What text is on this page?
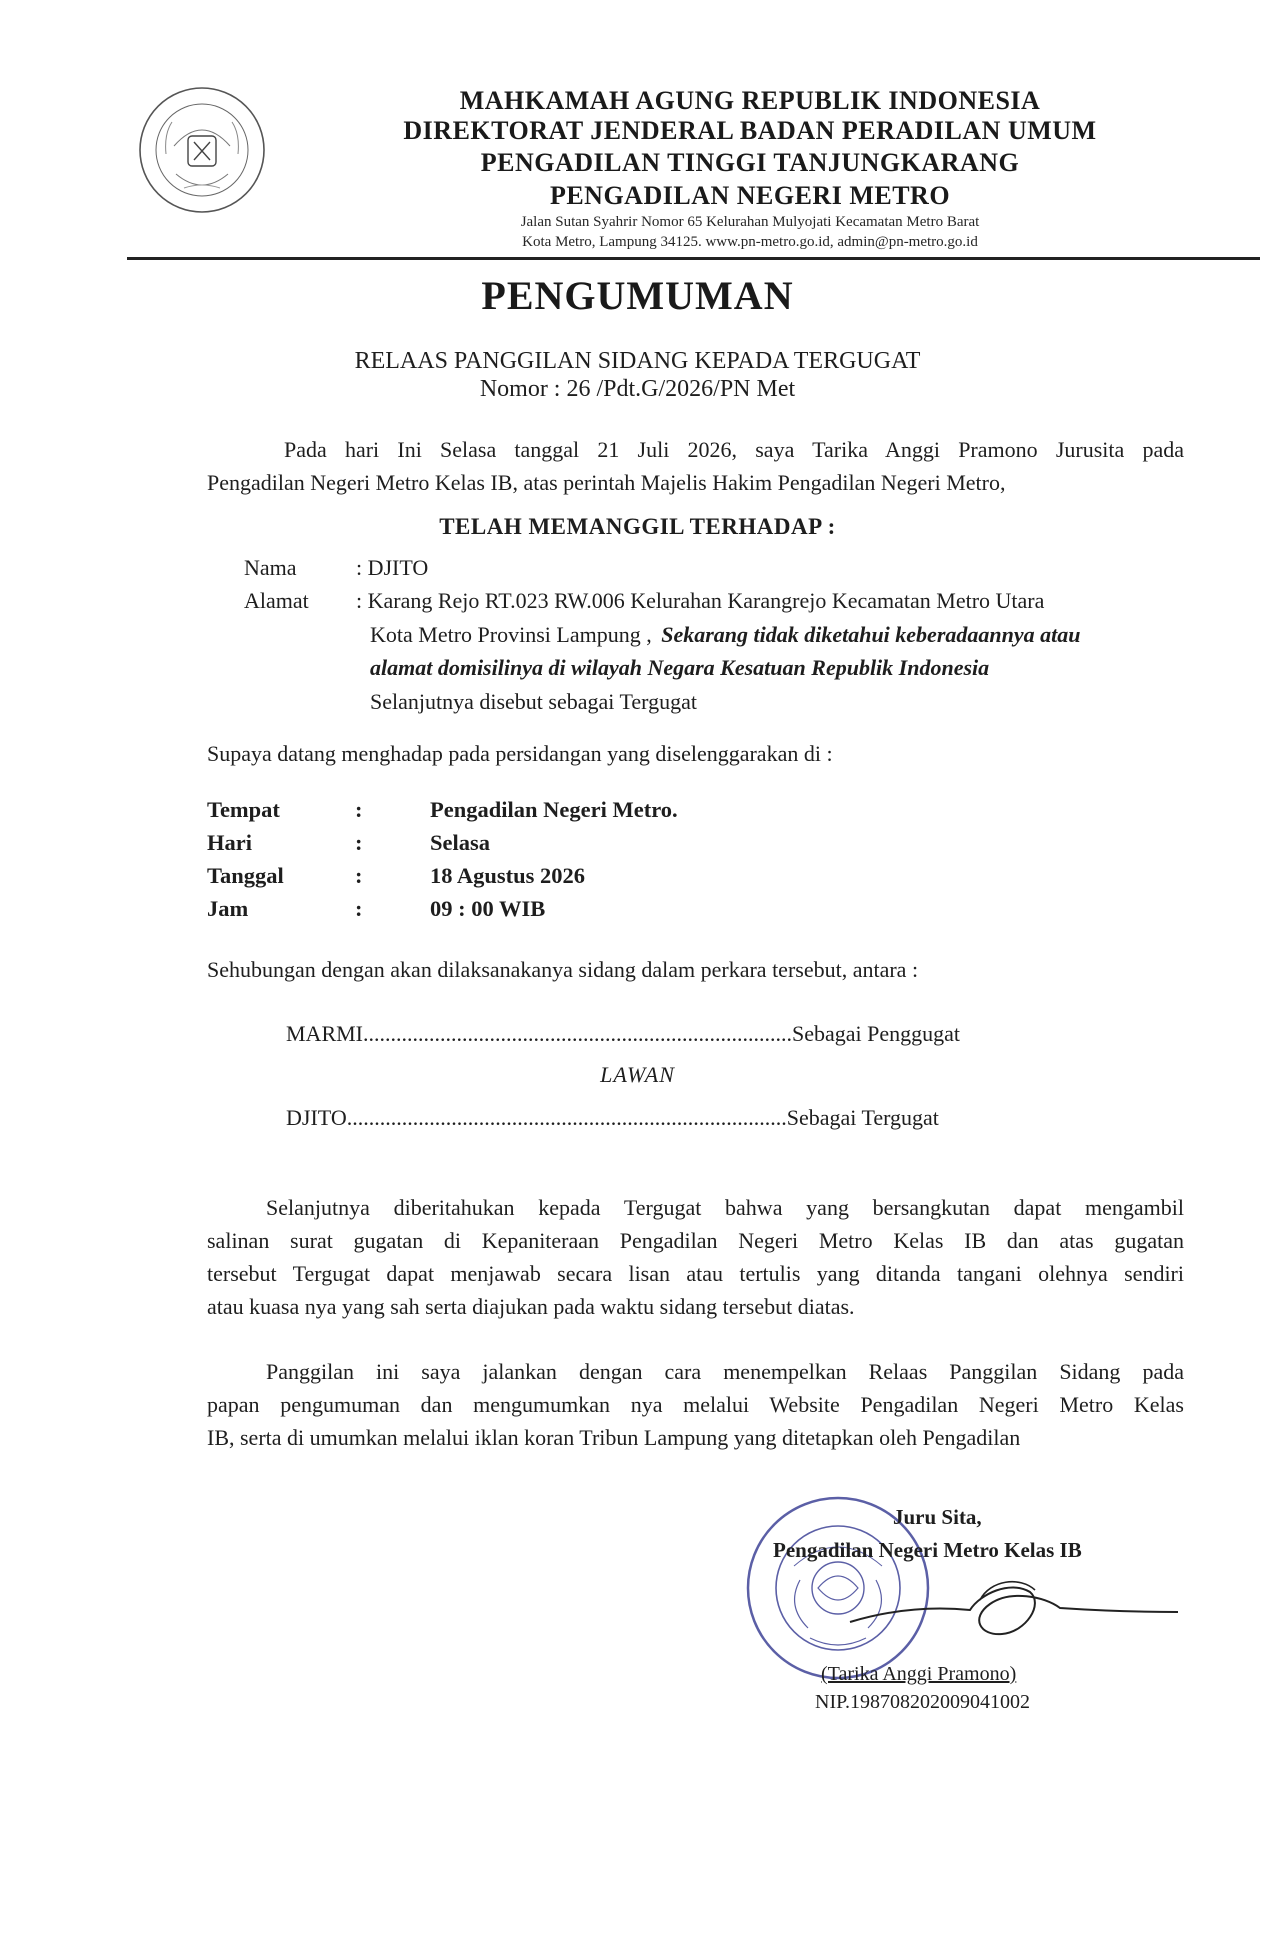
MAHKAMAH AGUNG REPUBLIK INDONESIA
DIREKTORAT JENDERAL BADAN PERADILAN UMUM
PENGADILAN TINGGI TANJUNGKARANG
PENGADILAN NEGERI METRO
Jalan Sutan Syahrir Nomor 65 Kelurahan Mulyojati Kecamatan Metro Barat
Kota Metro, Lampung 34125. www.pn-metro.go.id, admin@pn-metro.go.id
PENGUMUMAN
RELAAS PANGGILAN SIDANG KEPADA TERGUGAT
Nomor : 26 /Pdt.G/2026/PN Met
Pada hari Ini Selasa tanggal 21 Juli 2026, saya Tarika Anggi Pramono Jurusita pada
Pengadilan Negeri Metro Kelas IB, atas perintah Majelis Hakim Pengadilan Negeri Metro,
TELAH MEMANGGIL TERHADAP :
Nama	: DJITO
Alamat : Karang Rejo RT.023 RW.006 Kelurahan Karangrejo Kecamatan Metro Utara
Kota Metro Provinsi Lampung , Sekarang tidak diketahui keberadaannya atau
alamat domisilinya di wilayah Negara Kesatuan Republik Indonesia
Selanjutnya disebut sebagai Tergugat
Supaya datang menghadap pada persidangan yang diselenggarakan di :
Tempat	:	Pengadilan Negeri Metro.
Hari	:	Selasa
Tanggal	:	18 Agustus 2026
Jam	:	09 : 00 WIB
Sehubungan dengan akan dilaksanakanya sidang dalam perkara tersebut, antara :
MARMI..............................................................................Sebagai Penggugat
LAWAN
DJITO................................................................................Sebagai Tergugat
Selanjutnya diberitahukan kepada Tergugat bahwa yang bersangkutan dapat mengambil
salinan surat gugatan di Kepaniteraan Pengadilan Negeri Metro Kelas IB dan atas gugatan
tersebut Tergugat dapat menjawab secara lisan atau tertulis yang ditanda tangani olehnya sendiri
atau kuasa nya yang sah serta diajukan pada waktu sidang tersebut diatas.
Panggilan ini saya jalankan dengan cara menempelkan Relaas Panggilan Sidang pada
papan pengumuman dan mengumumkan nya melalui Website Pengadilan Negeri Metro Kelas
IB, serta di umumkan melalui iklan koran Tribun Lampung yang ditetapkan oleh Pengadilan
Juru Sita,
Pengadilan Negeri Metro Kelas IB
(Tarika Anggi Pramono)
NIP.198708202009041002
